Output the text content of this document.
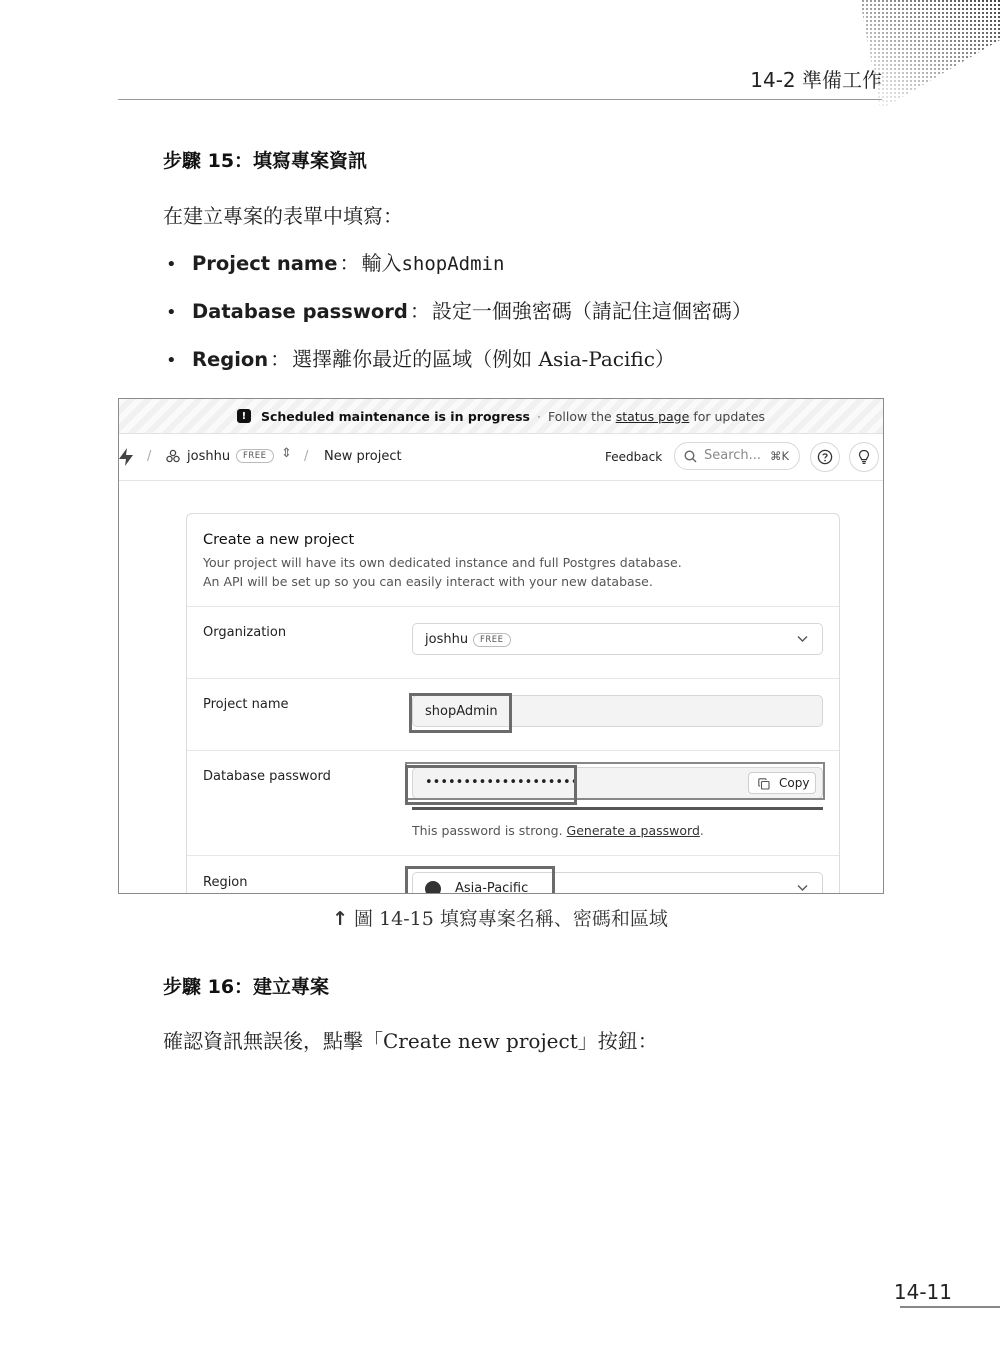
14-2 準備工作
步驟 15：填寫專案資訊
在建立專案的表單中填寫：
• Project name ： 輸入 shopAdmin
• Database password ： 設定一個強密碼（請記住這個密碼）
• Region ： 選擇離你最近的區域（例如 Asia-Pacific）
!	Scheduled maintenance is in progress · Follow the status page for updates
/	joshhu	FREE	⇕ / New project	Feedback	Search... ⌘K
Create a new project
Your project will have its own dedicated instance and full Postgres database.
An API will be set up so you can easily interact with your new database.
Organization	joshhu	FREE
Project name	shopAdmin
Database password	••••••••••••••••••••	Copy
This password is strong. Generate a password.
Region	Asia-Pacific
↑ 圖 14-15 填寫專案名稱、密碼和區域
步驟 16：建立專案
確認資訊無誤後，點擊「Create new project」按鈕：
14-11
